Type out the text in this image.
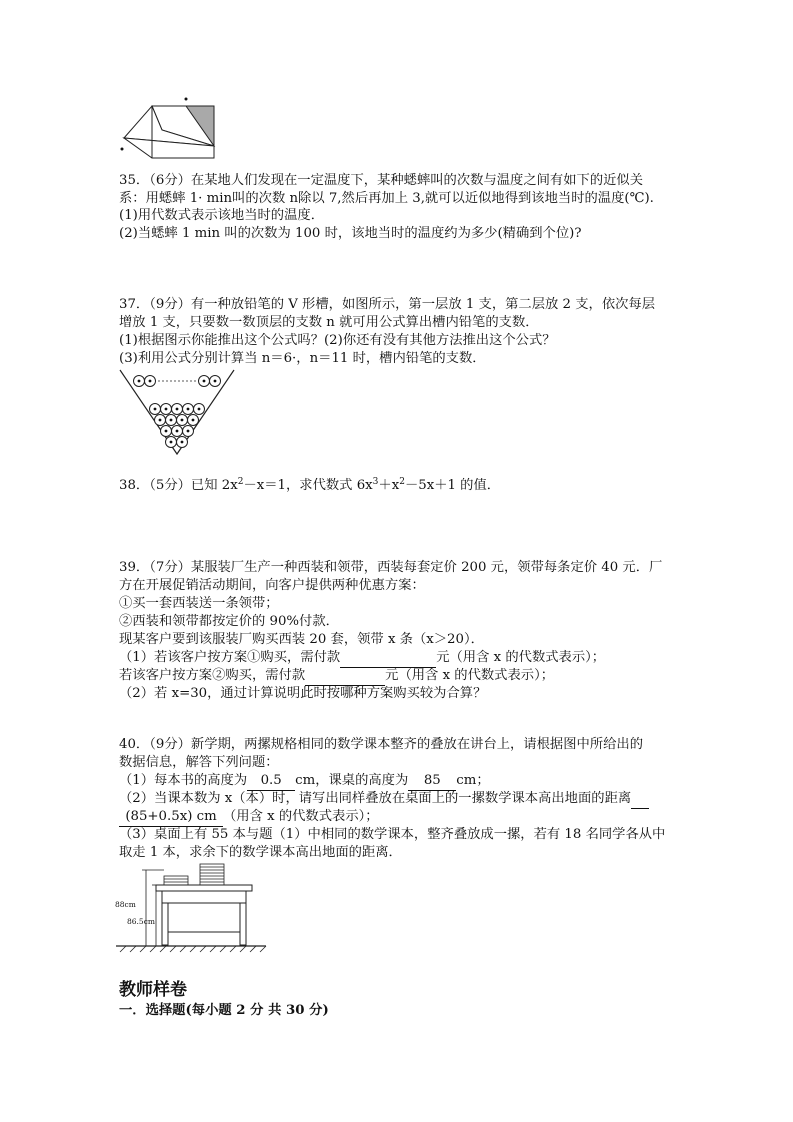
35．（6分）在某地人们发现在一定温度下，某种蟋蟀叫的次数与温度之间有如下的近似关
系：用蟋蟀 1· min叫的次数 n除以 7,然后再加上 3,就可以近似地得到该地当时的温度(℃).
(1)用代数式表示该地当时的温度．
(2)当蟋蟀 1 min 叫的次数为 100 时，该地当时的温度约为多少(精确到个位)?
37．（9分）有一种放铅笔的 V 形槽，如图所示，第一层放 1 支，第二层放 2 支，依次每层
增放 1 支，只要数一数顶层的支数 n 就可用公式算出槽内铅笔的支数．
(1)根据图示你能推出这个公式吗？(2)你还有没有其他方法推出这个公式？
(3)利用公式分别计算当 n＝6·，n＝11 时，槽内铅笔的支数．
38．（5分）已知 $2x^2-x=1$，求代数式 $6x^3+x^2-5x+1$ 的值．
39．（7分）某服装厂生产一种西装和领带，西装每套定价 200 元，领带每条定价 40 元．厂
方在开展促销活动期间，向客户提供两种优惠方案：
①买一套西装送一条领带；
②西装和领带都按定价的 90%付款．
现某客户要到该服装厂购买西装 20 套，领带 x 条（x＞20）．
（1）若该客户按方案①购买，需付款	元（用含 x 的代数式表示）；
若该客户按方案②购买，需付款	元（用含 x 的代数式表示）；
（2）若 x=30，通过计算说明此时按哪种方案购买较为合算？
40．（9分）新学期，两摞规格相同的数学课本整齐的叠放在讲台上，请根据图中所给出的
数据信息，解答下列问题：
（1）每本书的高度为 0.5 cm，课桌的高度为 85 cm；
（2）当课本数为 x（本）时，请写出同样叠放在桌面上的一摞数学课本高出地面的距离
(85+0.5x) cm （用含 x 的代数式表示）；
（3）桌面上有 55 本与题（1）中相同的数学课本，整齐叠放成一摞，若有 18 名同学各从中
取走 1 本，求余下的数学课本高出地面的距离．
88cm
86.5cm
教师样卷
一．选择题(每小题 2 分 共 30 分)
